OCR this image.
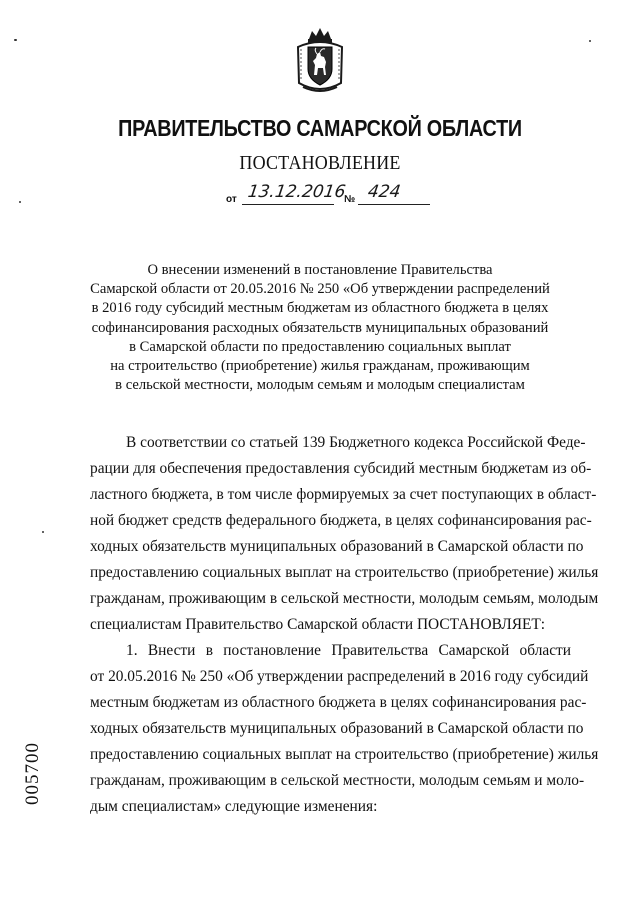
ПРАВИТЕЛЬСТВО САМАРСКОЙ ОБЛАСТИ
ПОСТАНОВЛЕНИЕ
от 13.12.2016
№ 424
О внесении изменений в постановление Правительства
Самарской области от 20.05.2016 № 250 «Об утверждении распределений
в 2016 году субсидий местным бюджетам из областного бюджета в целях
софинансирования расходных обязательств муниципальных образований
в Самарской области по предоставлению социальных выплат
на строительство (приобретение) жилья гражданам, проживающим
в сельской местности, молодым семьям и молодым специалистам
В соответствии со статьей 139 Бюджетного кодекса Российской Феде-
рации для обеспечения предоставления субсидий местным бюджетам из об-
ластного бюджета, в том числе формируемых за счет поступающих в област-
ной бюджет средств федерального бюджета, в целях софинансирования рас-
ходных обязательств муниципальных образований в Самарской области по
предоставлению социальных выплат на строительство (приобретение) жилья
гражданам, проживающим в сельской местности, молодым семьям, молодым
специалистам Правительство Самарской области ПОСТАНОВЛЯЕТ:
1. Внести в постановление Правительства Самарской области
от 20.05.2016 № 250 «Об утверждении распределений в 2016 году субсидий
местным бюджетам из областного бюджета в целях софинансирования рас-
ходных обязательств муниципальных образований в Самарской области по
предоставлению социальных выплат на строительство (приобретение) жилья
гражданам, проживающим в сельской местности, молодым семьям и моло-
дым специалистам» следующие изменения:
005700
